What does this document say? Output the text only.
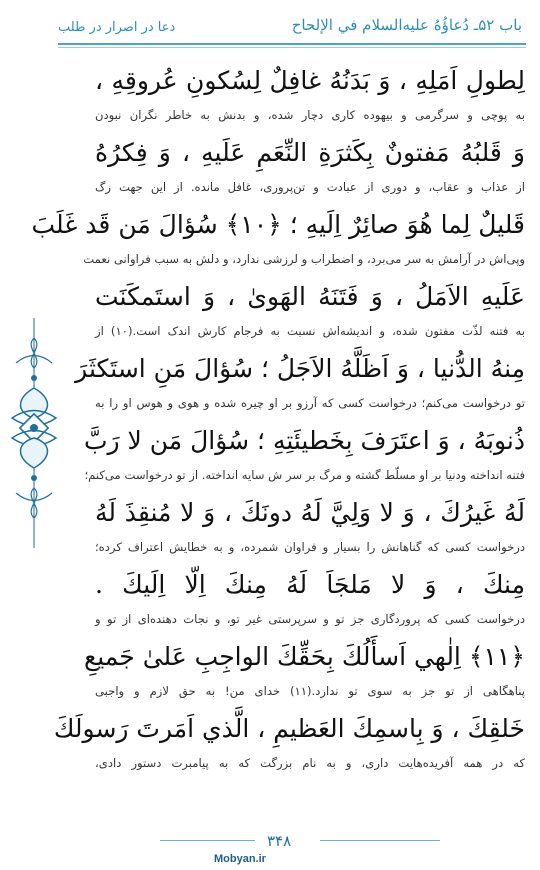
باب ۵۲ـ دُعاؤُهُ عليه‌السلام في الإلحاح
دعا در اصرار در طلب
لِطولِ اَمَلِهِ ، وَ بَدَنُهُ غافِلٌ لِسُكونِ عُروقِهِ ،
به پوچی و سرگرمی و بیهوده کاری دچار شده، و بدنش به خاطر نگران نبودن
وَ قَلبُهُ مَفتونٌ بِكَثرَةِ النِّعَمِ عَلَيهِ ، وَ فِكرُهُ
از عذاب و عقاب، و دوری از عبادت و تن‌پروری، غافل مانده. از این جهت رگ
قَليلٌ لِما هُوَ صائِرٌ اِلَيهِ ؛ ﴿١٠﴾ سُؤالَ مَن قَد غَلَبَ
وپی‌اش در آرامش به سر می‌برد، و اضطراب و لرزشی ندارد، و دلش به سبب فراوانی نعمت
عَلَيهِ الاَمَلُ ، وَ فَتَنَهُ الهَوىٰ ، وَ استَمكَنَت
به فتنه لذّت مفتون شده، و اندیشه‌اش نسبت به فرجام کارش اندک است.(۱۰) از
مِنهُ الدُّنيا ، وَ اَظَلَّهُ الاَجَلُ ؛ سُؤالَ مَنِ استَكثَرَ
تو درخواست می‌کنم؛ درخواست کسی که آرزو بر او چیره شده و هوی و هوس او را به
ذُنوبَهُ ، وَ اعتَرَفَ بِخَطيئَتِهِ ؛ سُؤالَ مَن لا رَبَّ
فتنه انداخته ودنیا بر او مسلّط گشته و مرگ بر سر ش سایه انداخته. از تو درخواست می‌کنم؛
لَهُ غَيرُكَ ، وَ لا وَلِيَّ لَهُ دونَكَ ، وَ لا مُنقِذَ لَهُ
درخواست کسی که گناهانش را بسیار و فراوان شمرده، و به خطایش اعتراف کرده؛
مِنكَ ، وَ لا مَلجَاَ لَهُ مِنكَ اِلّا اِلَيكَ .
درخواست کسی که پروردگاری جز تو و سرپرستی غیر تو، و نجات دهنده‌ای از تو و
﴿١١﴾ اِلٰهي اَسأَلُكَ بِحَقِّكَ الواجِبِ عَلىٰ جَميعِ
پناهگاهی از تو جز به سوی تو ندارد.(۱۱) خدای من! به حق لازم و واجبی
خَلقِكَ ، وَ بِاسمِكَ العَظيمِ ، الَّذي اَمَرتَ رَسولَكَ
که در همه آفریده‌هایت داری، و به نام بزرگت که به پیامبرت دستور دادی،
۳۴۸
Mobyan.ir
